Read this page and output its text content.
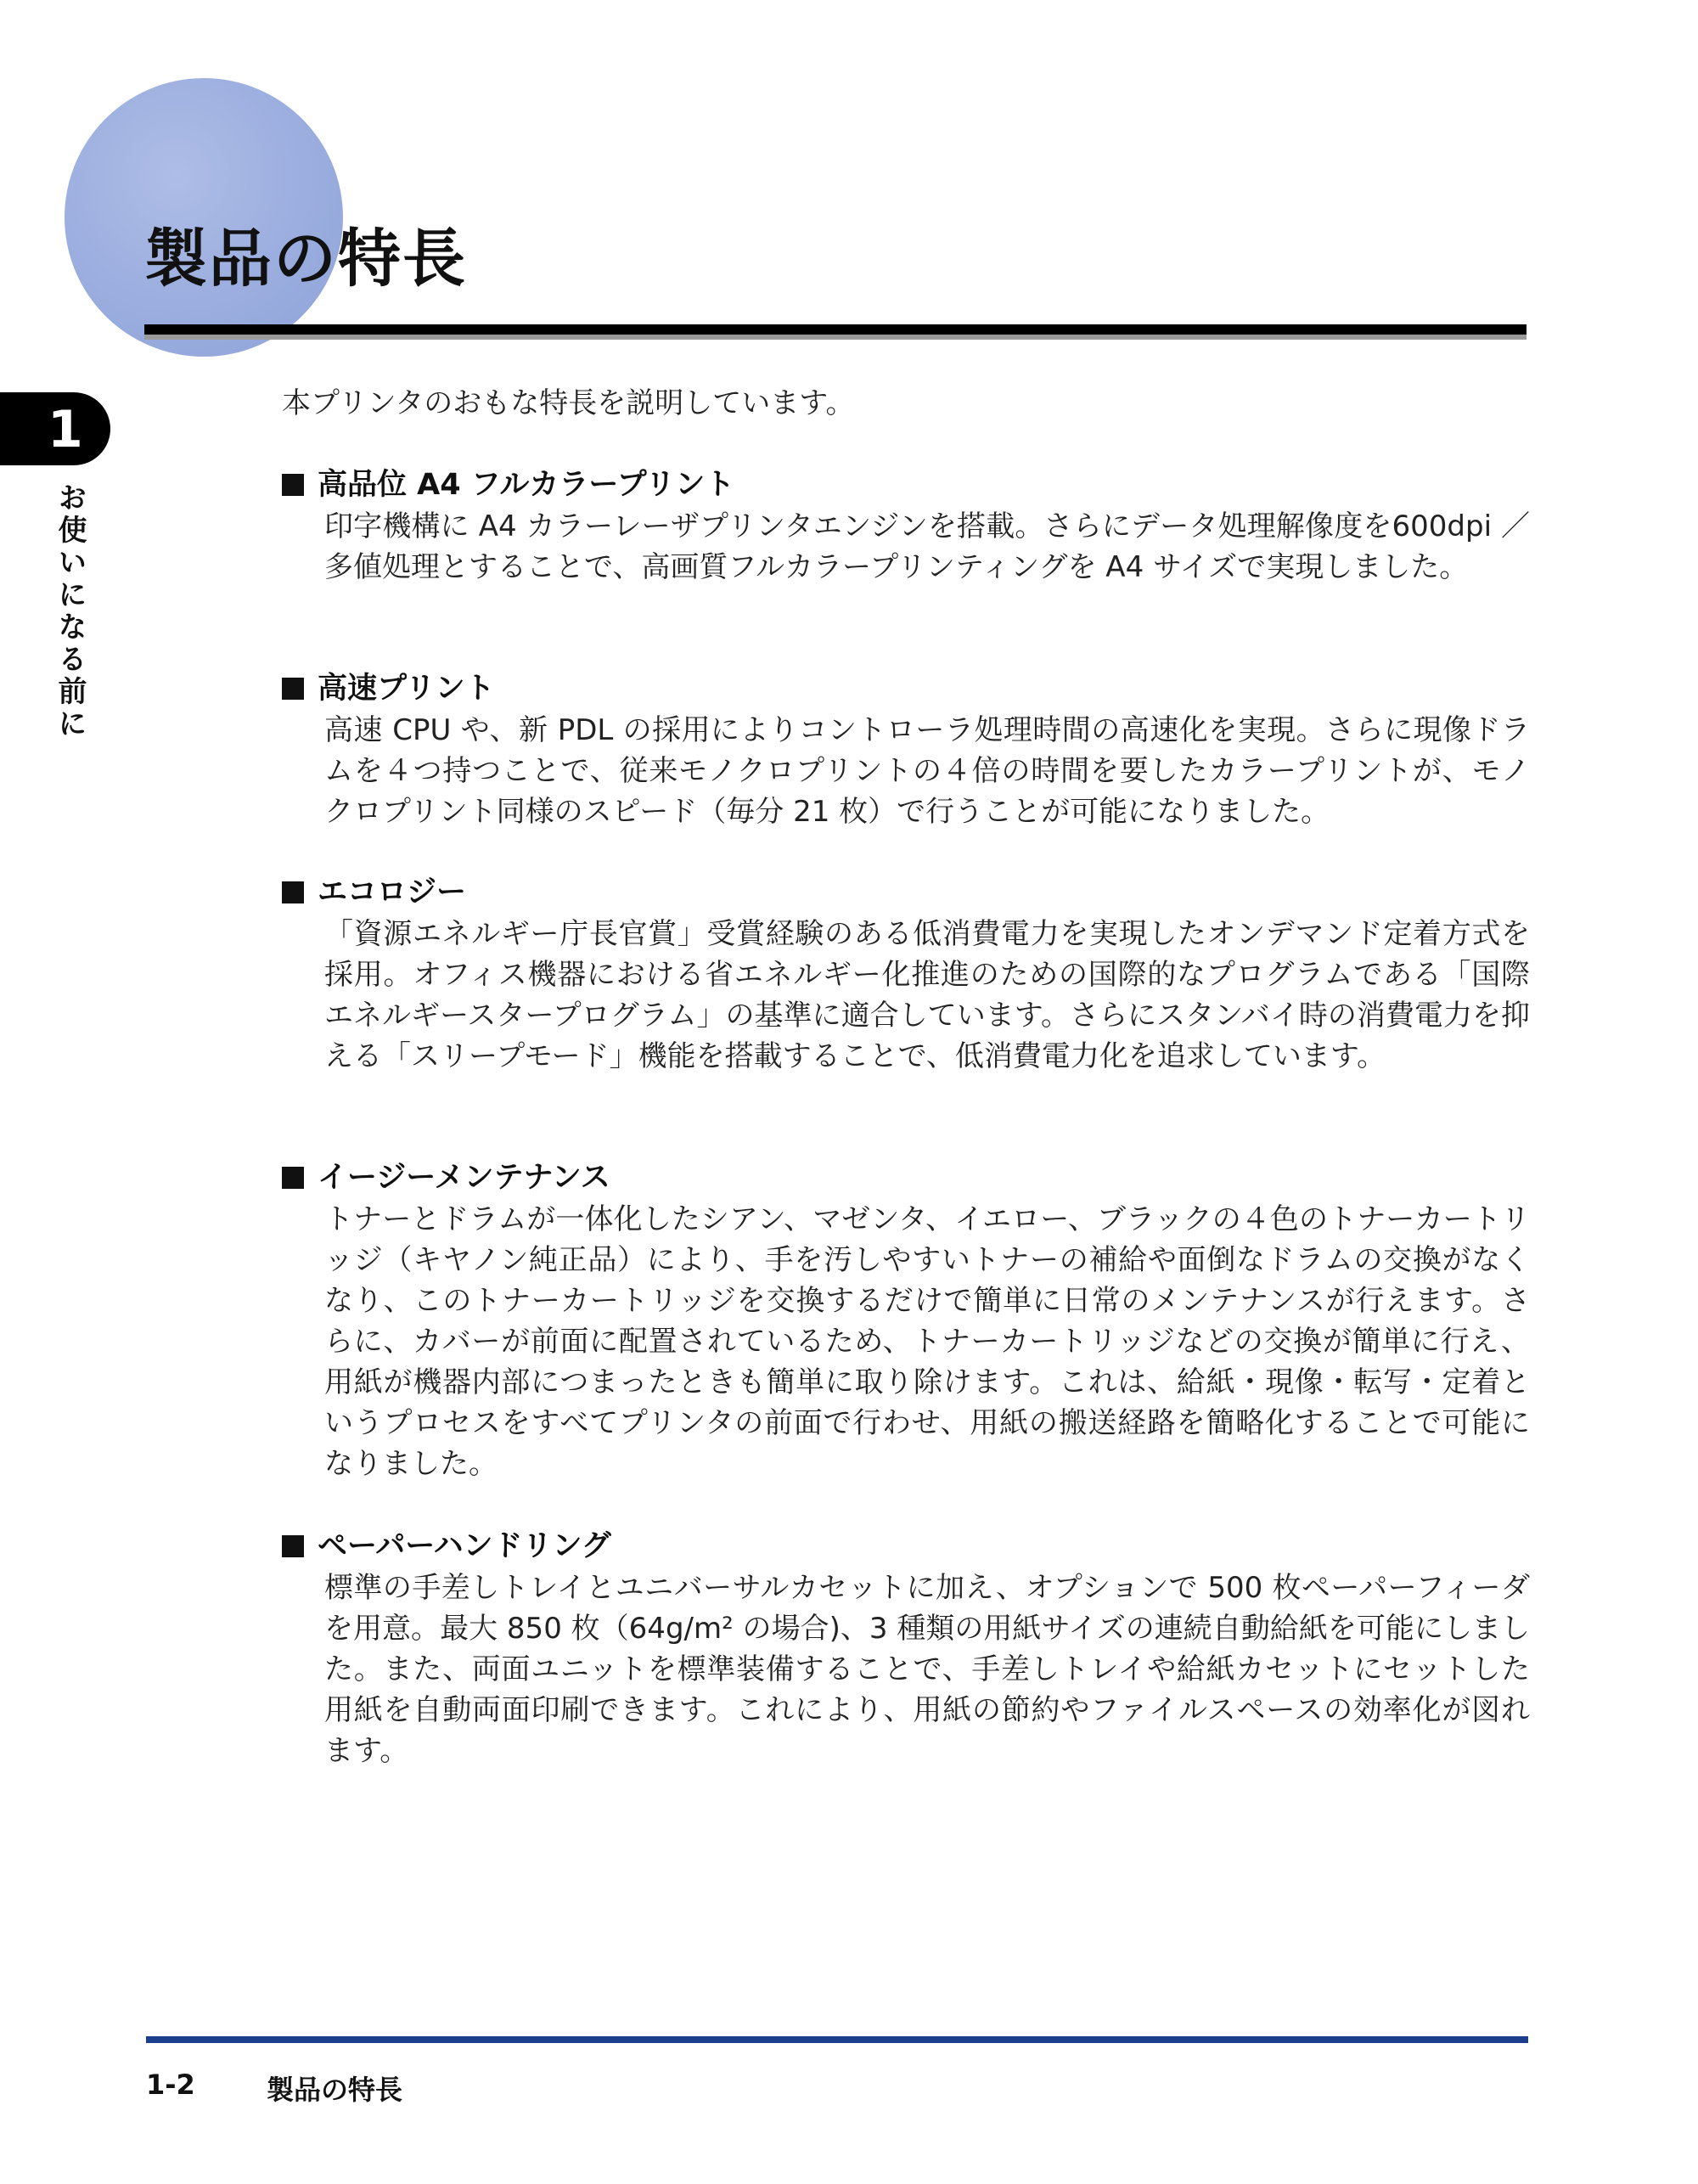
製品の特長
1
お使いになる前に
本プリンタのおもな特長を説明しています。
高品位 A4 フルカラープリント

印字機構に A4 カラーレーザプリンタエンジンを搭載。さらにデータ処理解像度を600dpi ／多値処理とすることで、高画質フルカラープリンティングを A4 サイズで実現しました。

高速プリント

高速 CPU や、新 PDL の採用によりコントローラ処理時間の高速化を実現。さらに現像ドラムを４つ持つことで、従来モノクロプリントの４倍の時間を要したカラープリントが、モノクロプリント同様のスピード（毎分 21 枚）で行うことが可能になりました。

エコロジー

「資源エネルギー庁長官賞」受賞経験のある低消費電力を実現したオンデマンド定着方式を採用。オフィス機器における省エネルギー化推進のための国際的なプログラムである「国際エネルギースタープログラム」の基準に適合しています。さらにスタンバイ時の消費電力を抑える「スリープモード」機能を搭載することで、低消費電力化を追求しています。

イージーメンテナンス

トナーとドラムが一体化したシアン、マゼンタ、イエロー、ブラックの４色のトナーカートリッジ（キヤノン純正品）により、手を汚しやすいトナーの補給や面倒なドラムの交換がなくなり、このトナーカートリッジを交換するだけで簡単に日常のメンテナンスが行えます。さらに、カバーが前面に配置されているため、トナーカートリッジなどの交換が簡単に行え、用紙が機器内部につまったときも簡単に取り除けます。これは、給紙・現像・転写・定着というプロセスをすべてプリンタの前面で行わせ、用紙の搬送経路を簡略化することで可能になりました。

ペーパーハンドリング

標準の手差しトレイとユニバーサルカセットに加え、オプションで 500 枚ペーパーフィーダを用意。最大 850 枚（64g/m² の場合)、3 種類の用紙サイズの連続自動給紙を可能にしました。また、両面ユニットを標準装備することで、手差しトレイや給紙カセットにセットした用紙を自動両面印刷できます。これにより、用紙の節約やファイルスペースの効率化が図れます。

1-2	製品の特長
